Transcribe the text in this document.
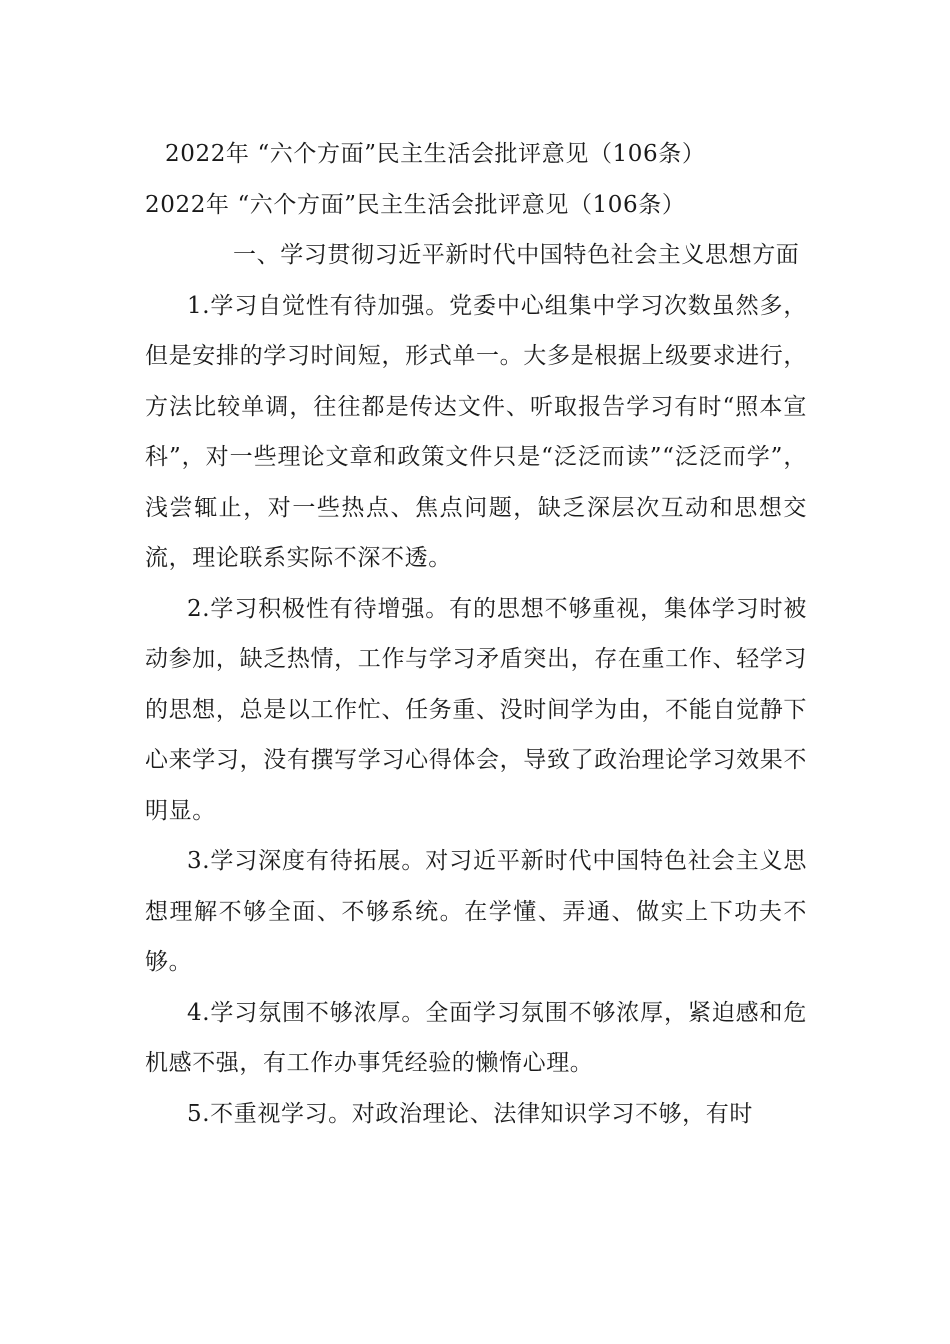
2022年 “六个方面”民主生活会批评意见（106条）

2022年 “六个方面”民主生活会批评意见（106条）

一、学习贯彻习近平新时代中国特色社会主义思想方面

1.学习自觉性有待加强。党委中心组集中学习次数虽然多，但是安排的学习时间短，形式单一。大多是根据上级要求进行，方法比较单调，往往都是传达文件、听取报告学习有时“照本宣科”，对一些理论文章和政策文件只是“泛泛而读”“泛泛而学”，浅尝辄止，对一些热点、焦点问题，缺乏深层次互动和思想交流，理论联系实际不深不透。

2.学习积极性有待增强。有的思想不够重视，集体学习时被动参加，缺乏热情，工作与学习矛盾突出，存在重工作、轻学习的思想，总是以工作忙、任务重、没时间学为由，不能自觉静下心来学习，没有撰写学习心得体会，导致了政治理论学习效果不明显。

3.学习深度有待拓展。对习近平新时代中国特色社会主义思想理解不够全面、不够系统。在学懂、弄通、做实上下功夫不够。

4.学习氛围不够浓厚。全面学习氛围不够浓厚，紧迫感和危机感不强，有工作办事凭经验的懒惰心理。

5.不重视学习。对政治理论、法律知识学习不够，有时
